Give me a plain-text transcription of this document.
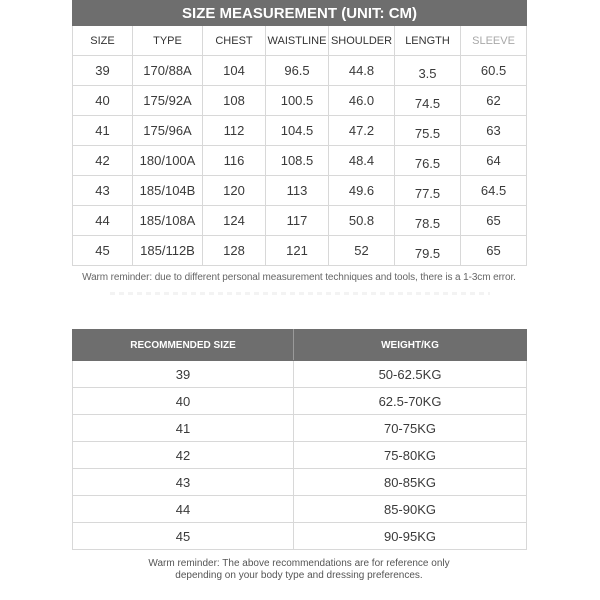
SIZE MEASUREMENT (UNIT: CM)						
SIZE	TYPE	CHEST	WAISTLINE	SHOULDER	LENGTH	SLEEVE
39	170/88A	104	96.5	44.8	3.5	60.5
40	175/92A	108	100.5	46.0	74.5	62
41	175/96A	112	104.5	47.2	75.5	63
42	180/100A	116	108.5	48.4	76.5	64
43	185/104B	120	113	49.6	77.5	64.5
44	185/108A	124	117	50.8	78.5	65
45	185/112B	128	121	52	79.5	65
Warm reminder: due to different personal measurement techniques and tools, there is a 1-3cm error.
RECOMMENDED SIZE	WEIGHT/KG
39	50-62.5KG
40	62.5-70KG
41	70-75KG
42	75-80KG
43	80-85KG
44	85-90KG
45	90-95KG
Warm reminder: The above recommendations are for reference only
depending on your body type and dressing preferences.
